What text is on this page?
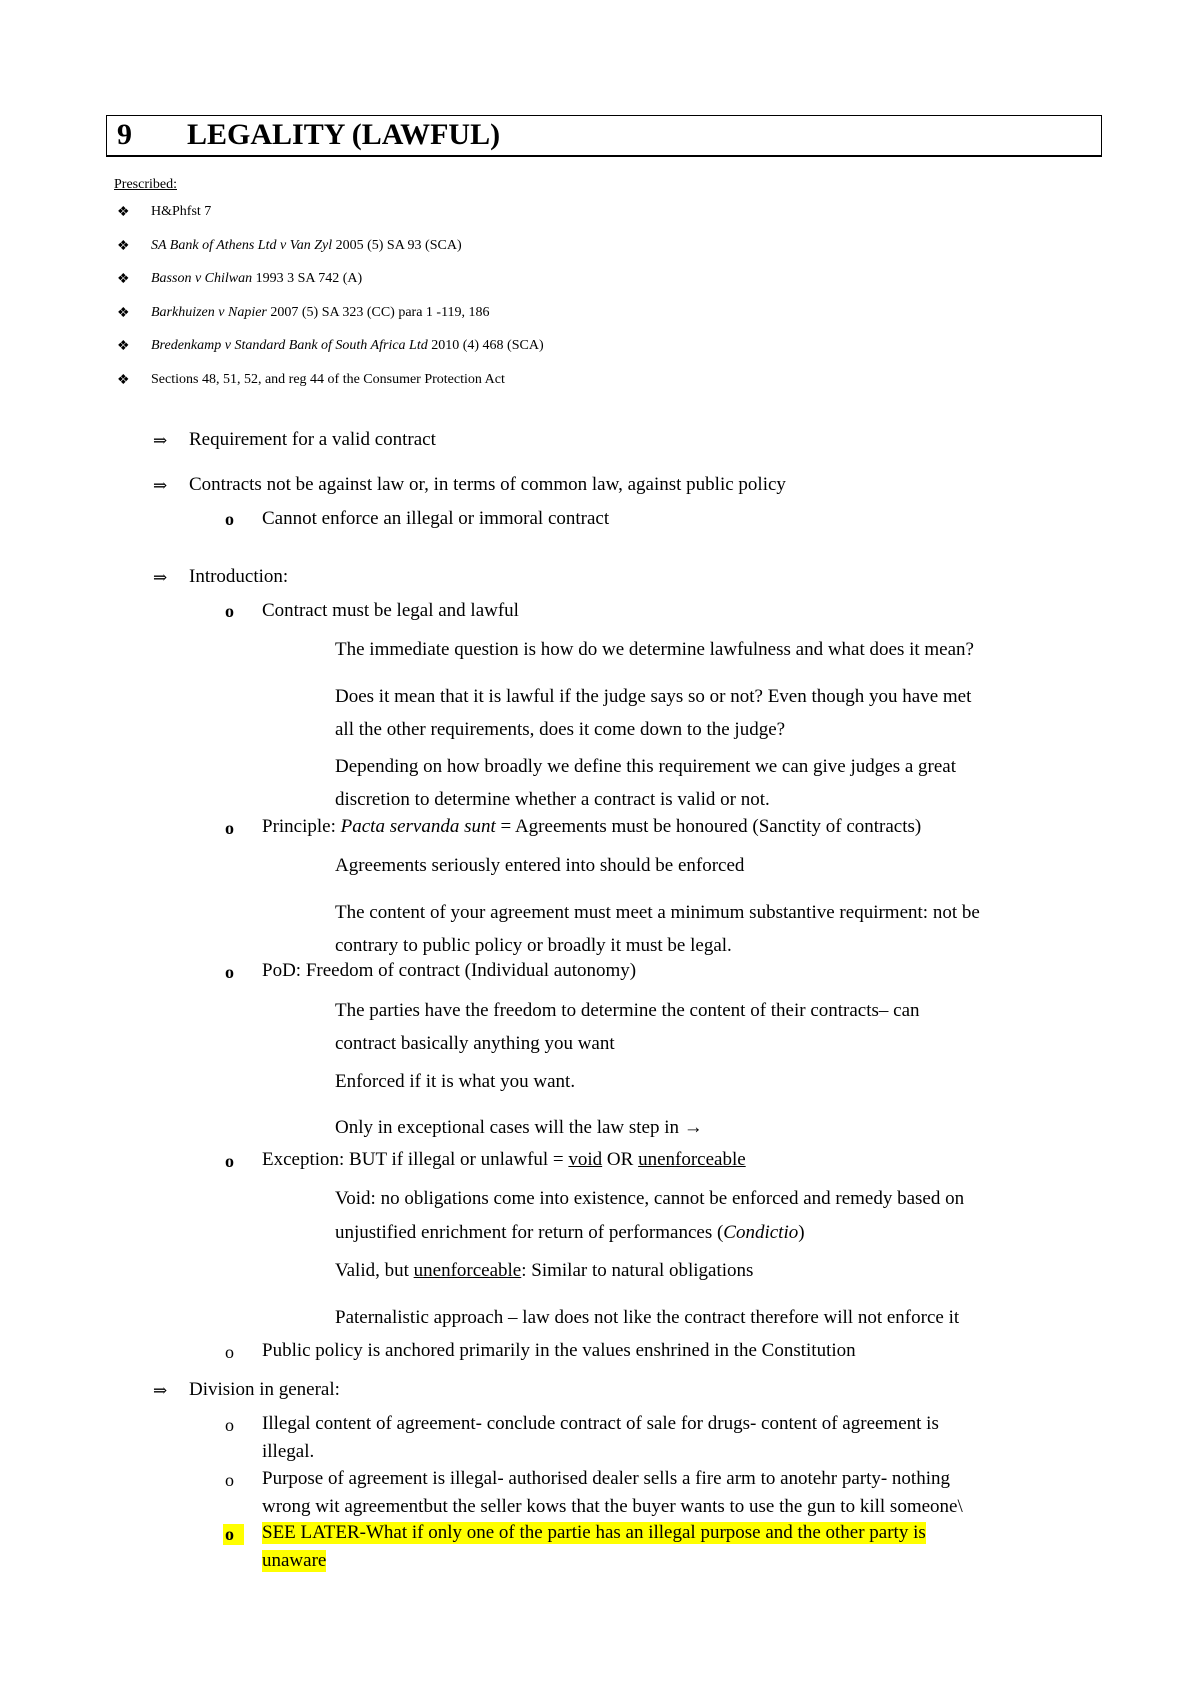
9 LEGALITY (LAWFUL)
Prescribed:
❖ H&Phfst 7
❖ SA Bank of Athens Ltd v Van Zyl 2005 (5) SA 93 (SCA)
❖ Basson v Chilwan 1993 3 SA 742 (A)
❖ Barkhuizen v Napier 2007 (5) SA 323 (CC) para 1 -119, 186
❖ Bredenkamp v Standard Bank of South Africa Ltd 2010 (4) 468 (SCA)
❖ Sections 48, 51, 52, and reg 44 of the Consumer Protection Act
⇒ Requirement for a valid contract
⇒ Contracts not be against law or, in terms of common law, against public policy
o Cannot enforce an illegal or immoral contract
⇒ Introduction:
o Contract must be legal and lawful
The immediate question is how do we determine lawfulness and what does it mean?
Does it mean that it is lawful if the judge says so or not? Even though you have met
all the other requirements, does it come down to the judge?
Depending on how broadly we define this requirement we can give judges a great
discretion to determine whether a contract is valid or not.
o Principle: Pacta servanda sunt = Agreements must be honoured (Sanctity of contracts)
Agreements seriously entered into should be enforced
The content of your agreement must meet a minimum substantive requirment: not be
contrary to public policy or broadly it must be legal.
o PoD: Freedom of contract (Individual autonomy)
The parties have the freedom to determine the content of their contracts– can
contract basically anything you want
Enforced if it is what you want.
Only in exceptional cases will the law step in →
o Exception: BUT if illegal or unlawful = void OR unenforceable
Void: no obligations come into existence, cannot be enforced and remedy based on
unjustified enrichment for return of performances (Condictio)
Valid, but unenforceable: Similar to natural obligations
Paternalistic approach – law does not like the contract therefore will not enforce it
o Public policy is anchored primarily in the values enshrined in the Constitution
⇒ Division in general:
o Illegal content of agreement- conclude contract of sale for drugs- content of agreement is
illegal.
o Purpose of agreement is illegal- authorised dealer sells a fire arm to anotehr party- nothing
wrong wit agreementbut the seller kows that the buyer wants to use the gun to kill someone\
o	SEE LATER-What if only one of the partie has an illegal purpose and the other party is
unaware
